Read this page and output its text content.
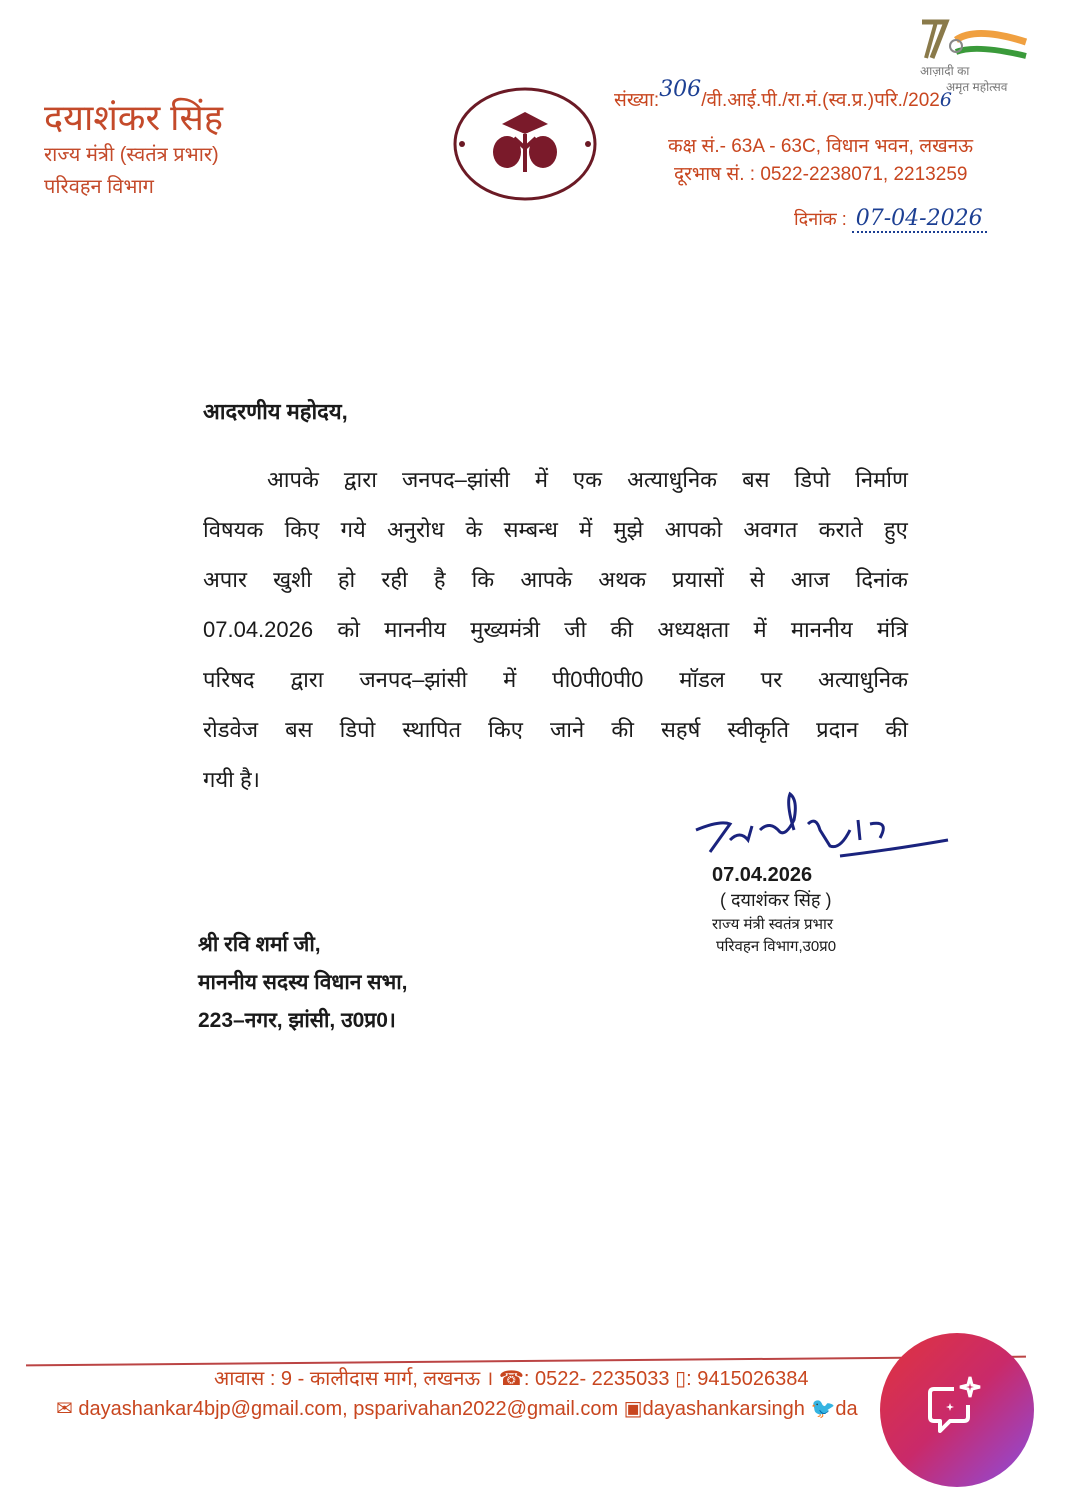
दयाशंकर सिंह
राज्य मंत्री (स्वतंत्र प्रभार)
परिवहन विभाग
आज़ादी का
अमृत महोत्सव
संख्या:306/वी.आई.पी./रा.मं.(स्व.प्र.)परि./2026
कक्ष सं.- 63A - 63C, विधान भवन, लखनऊ
दूरभाष सं. : 0522-2238071, 2213259
दिनांक : 07-04-2026
आदरणीय महोदय,
आपके द्वारा जनपद–झांसी में एक अत्याधुनिक बस डिपो निर्माण
विषयक किए गये अनुरोध के सम्बन्ध में मुझे आपको अवगत कराते हुए
अपार खुशी हो रही है कि आपके अथक प्रयासों से आज दिनांक
07.04.2026 को माननीय मुख्यमंत्री जी की अध्यक्षता में माननीय मंत्रि
परिषद द्वारा जनपद–झांसी में पी0पी0पी0 मॉडल पर अत्याधुनिक
रोडवेज बस डिपो स्थापित किए जाने की सहर्ष स्वीकृति प्रदान की
गयी है।
07.04.2026
( दयाशंकर सिंह )
राज्य मंत्री स्वतंत्र प्रभार
परिवहन विभाग,उ0प्र0
श्री रवि शर्मा जी,
माननीय सदस्य विधान सभा,
223–नगर, झांसी, उ0प्र0।
आवास : 9 - कालीदास मार्ग, लखनऊ । ☎: 0522- 2235033 ▯: 9415026384
✉ dayashankar4bjp@gmail.com, psparivahan2022@gmail.com ▣dayashankarsingh 🐦da
